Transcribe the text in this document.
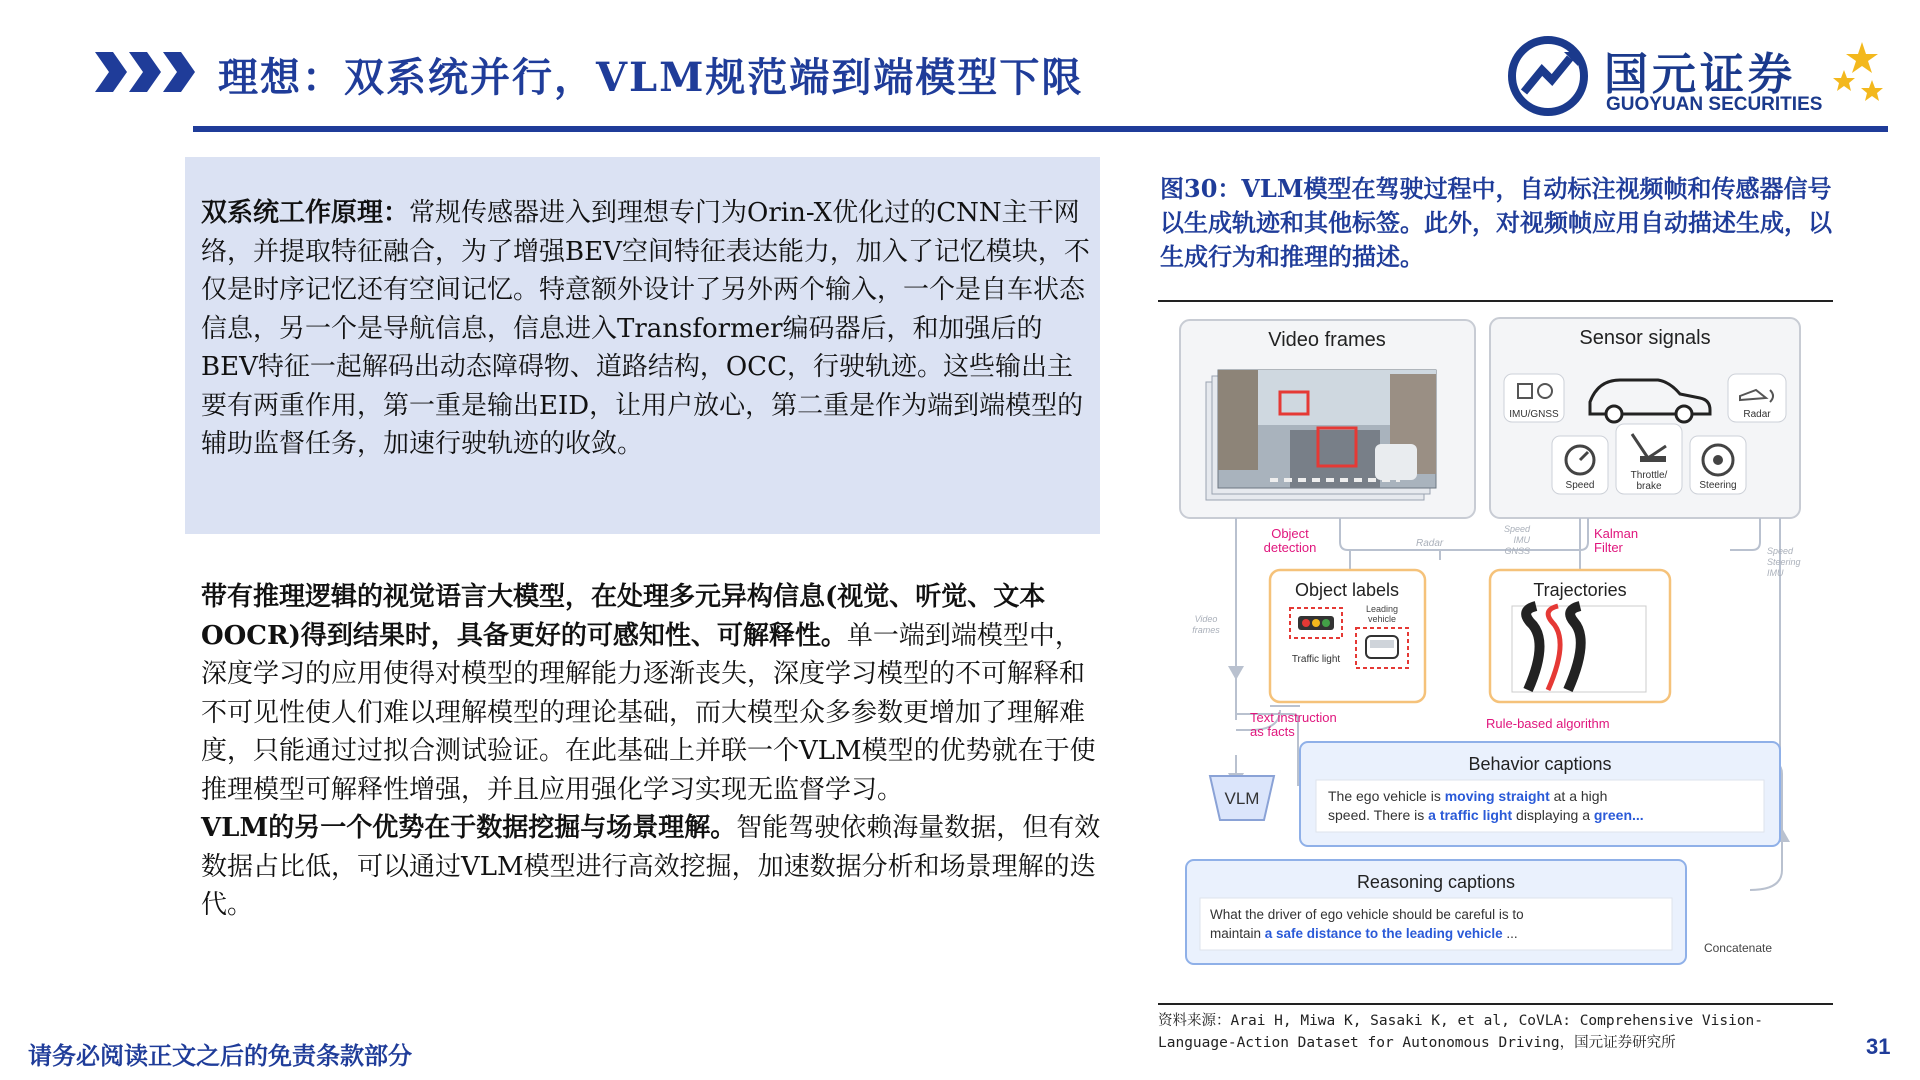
理想：双系统并行，VLM规范端到端模型下限	国元证券
GUOYUAN SECURITIES

双系统工作原理：常规传感器进入到理想专门为Orin-X优化过的CNN主干网络，并提取特征融合，为了增强BEV空间特征表达能力，加入了记忆模块，不仅是时序记忆还有空间记忆。特意额外设计了另外两个输入，一个是自车状态信息，另一个是导航信息，信息进入Transformer编码器后，和加强后的BEV特征一起解码出动态障碍物、道路结构，OCC，行驶轨迹。这些输出主要有两重作用，第一重是输出EID，让用户放心，第二重是作为端到端模型的辅助监督任务，加速行驶轨迹的收敛。

带有推理逻辑的视觉语言大模型，在处理多元异构信息(视觉、听觉、文本 OOCR)得到结果时，具备更好的可感知性、可解释性。单一端到端模型中，深度学习的应用使得对模型的理解能力逐渐丧失，深度学习模型的不可解释和不可见性使人们难以理解模型的理论基础，而大模型众多参数更增加了理解难度，只能通过过拟合测试验证。在此基础上并联一个VLM模型的优势就在于使推理模型可解释性增强，并且应用强化学习实现无监督学习。

VLM的另一个优势在于数据挖掘与场景理解。智能驾驶依赖海量数据，但有效数据占比低，可以通过VLM模型进行高效挖掘，加速数据分析和场景理解的迭代。

图30：VLM模型在驾驶过程中，自动标注视频帧和传感器信号以生成轨迹和其他标签。此外，对视频帧应用自动描述生成，以生成行为和推理的描述。
Video frames	Sensor signals
IMU/GNSS	Radar
Speed
Throttle/
brake	Steering
Object
detection	Radar
Speed
IMU
GNSS
Kalman
Filter
Object labels
Traffic light
Leading
vehicle
Trajectories
Speed
Steering
IMU
Video
frames
Text instruction
as facts
Rule-based algorithm
VLM
Behavior captions
The ego vehicle is moving straight at a high
speed. There is a traffic light displaying a green...
Reasoning captions
What the driver of ego vehicle should be careful is to
maintain a safe distance to the leading vehicle ...
Concatenate
资料来源：Arai H, Miwa K, Sasaki K, et al, CoVLA: Comprehensive Vision-
Language-Action Dataset for Autonomous Driving，国元证券研究所
请务必阅读正文之后的免责条款部分	31
